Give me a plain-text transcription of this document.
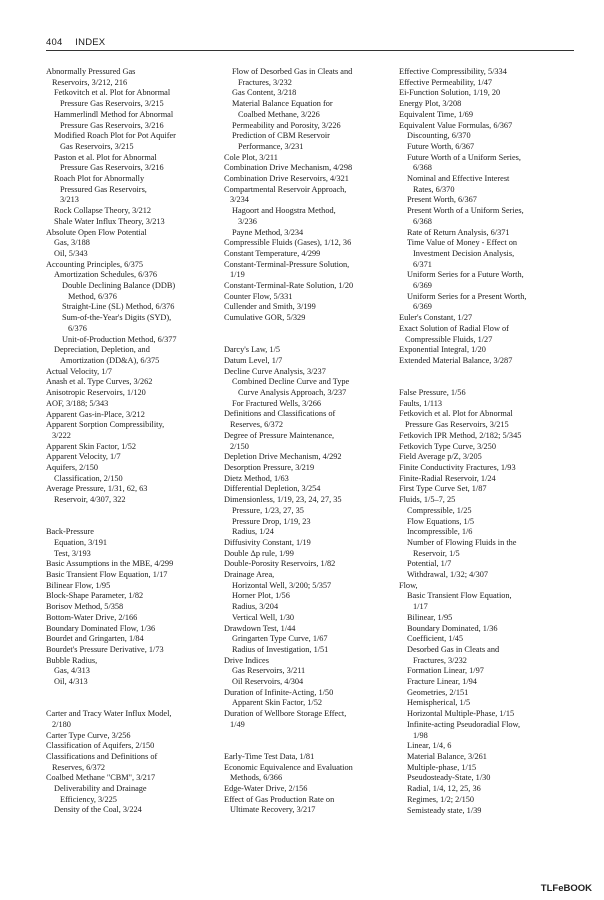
404 INDEX
Abnormally Pressured Gas
Reservoirs, 3/212, 216
Fetkovitch et al. Plot for Abnormal
Pressure Gas Reservoirs, 3/215
Hammerlindl Method for Abnormal
Pressure Gas Reservoirs, 3/216
Modified Roach Plot for Pot Aquifer
Gas Reservoirs, 3/215
Paston et al. Plot for Abnormal
Pressure Gas Reservoirs, 3/216
Roach Plot for Abnormally
Pressured Gas Reservoirs,
3/213
Rock Collapse Theory, 3/212
Shale Water Influx Theory, 3/213
Absolute Open Flow Potential
Gas, 3/188
Oil, 5/343
Accounting Principles, 6/375
Amortization Schedules, 6/376
Double Declining Balance (DDB)
Method, 6/376
Straight-Line (SL) Method, 6/376
Sum-of-the-Year's Digits (SYD),
6/376
Unit-of-Production Method, 6/377
Depreciation, Depletion, and
Amortization (DD&A), 6/375
Actual Velocity, 1/7
Anash et al. Type Curves, 3/262
Anisotropic Reservoirs, 1/120
AOF, 3/188; 5/343
Apparent Gas-in-Place, 3/212
Apparent Sorption Compressibility,
3/222
Apparent Skin Factor, 1/52
Apparent Velocity, 1/7
Aquifers, 2/150
Classification, 2/150
Average Pressure, 1/31, 62, 63
Reservoir, 4/307, 322
Back-Pressure
Equation, 3/191
Test, 3/193
Basic Assumptions in the MBE, 4/299
Basic Transient Flow Equation, 1/17
Bilinear Flow, 1/95
Block-Shape Parameter, 1/82
Borisov Method, 5/358
Bottom-Water Drive, 2/166
Boundary Dominated Flow, 1/36
Bourdet and Gringarten, 1/84
Bourdet's Pressure Derivative, 1/73
Bubble Radius,
Gas, 4/313
Oil, 4/313
Carter and Tracy Water Influx Model,
2/180
Carter Type Curve, 3/256
Classification of Aquifers, 2/150
Classifications and Definitions of
Reserves, 6/372
Coalbed Methane "CBM", 3/217
Deliverability and Drainage
Efficiency, 3/225
Density of the Coal, 3/224
Flow of Desorbed Gas in Cleats and
Fractures, 3/232
Gas Content, 3/218
Material Balance Equation for
Coalbed Methane, 3/226
Permeability and Porosity, 3/226
Prediction of CBM Reservoir
Performance, 3/231
Cole Plot, 3/211
Combination Drive Mechanism, 4/298
Combination Drive Reservoirs, 4/321
Compartmental Reservoir Approach,
3/234
Hagoort and Hoogstra Method,
3/236
Payne Method, 3/234
Compressible Fluids (Gases), 1/12, 36
Constant Temperature, 4/299
Constant-Terminal-Pressure Solution,
1/19
Constant-Terminal-Rate Solution, 1/20
Counter Flow, 5/331
Cullender and Smith, 3/199
Cumulative GOR, 5/329
Darcy's Law, 1/5
Datum Level, 1/7
Decline Curve Analysis, 3/237
Combined Decline Curve and Type
Curve Analysis Approach, 3/237
For Fractured Wells, 3/266
Definitions and Classifications of
Reserves, 6/372
Degree of Pressure Maintenance,
2/150
Depletion Drive Mechanism, 4/292
Desorption Pressure, 3/219
Dietz Method, 1/63
Differential Depletion, 3/254
Dimensionless, 1/19, 23, 24, 27, 35
Pressure, 1/23, 27, 35
Pressure Drop, 1/19, 23
Radius, 1/24
Diffusivity Constant, 1/19
Double Δp rule, 1/99
Double-Porosity Reservoirs, 1/82
Drainage Area,
Horizontal Well, 3/200; 5/357
Horner Plot, 1/56
Radius, 3/204
Vertical Well, 1/30
Drawdown Test, 1/44
Gringarten Type Curve, 1/67
Radius of Investigation, 1/51
Drive Indices
Gas Reservoirs, 3/211
Oil Reservoirs, 4/304
Duration of Infinite-Acting, 1/50
Apparent Skin Factor, 1/52
Duration of Wellbore Storage Effect,
1/49
Early-Time Test Data, 1/81
Economic Equivalence and Evaluation
Methods, 6/366
Edge-Water Drive, 2/156
Effect of Gas Production Rate on
Ultimate Recovery, 3/217
Effective Compressibility, 5/334
Effective Permeability, 1/47
Ei-Function Solution, 1/19, 20
Energy Plot, 3/208
Equivalent Time, 1/69
Equivalent Value Formulas, 6/367
Discounting, 6/370
Future Worth, 6/367
Future Worth of a Uniform Series,
6/368
Nominal and Effective Interest
Rates, 6/370
Present Worth, 6/367
Present Worth of a Uniform Series,
6/368
Rate of Return Analysis, 6/371
Time Value of Money - Effect on
Investment Decision Analysis,
6/371
Uniform Series for a Future Worth,
6/369
Uniform Series for a Present Worth,
6/369
Euler's Constant, 1/27
Exact Solution of Radial Flow of
Compressible Fluids, 1/27
Exponential Integral, 1/20
Extended Material Balance, 3/287
False Pressure, 1/56
Faults, 1/113
Fetkovich et al. Plot for Abnormal
Pressure Gas Reservoirs, 3/215
Fetkovich IPR Method, 2/182; 5/345
Fetkovich Type Curve, 3/250
Field Average p/Z, 3/205
Finite Conductivity Fractures, 1/93
Finite-Radial Reservoir, 1/24
First Type Curve Set, 1/87
Fluids, 1/5–7, 25
Compressible, 1/25
Flow Equations, 1/5
Incompressible, 1/6
Number of Flowing Fluids in the
Reservoir, 1/5
Potential, 1/7
Withdrawal, 1/32; 4/307
Flow,
Basic Transient Flow Equation,
1/17
Bilinear, 1/95
Boundary Dominated, 1/36
Coefficient, 1/45
Desorbed Gas in Cleats and
Fractures, 3/232
Formation Linear, 1/97
Fracture Linear, 1/94
Geometries, 2/151
Hemispherical, 1/5
Horizontal Multiple-Phase, 1/15
Infinite-acting Pseudoradial Flow,
1/98
Linear, 1/4, 6
Material Balance, 3/261
Multiple-phase, 1/15
Pseudosteady-State, 1/30
Radial, 1/4, 12, 25, 36
Regimes, 1/2; 2/150
Semisteady state, 1/39
TLFeBOOK
